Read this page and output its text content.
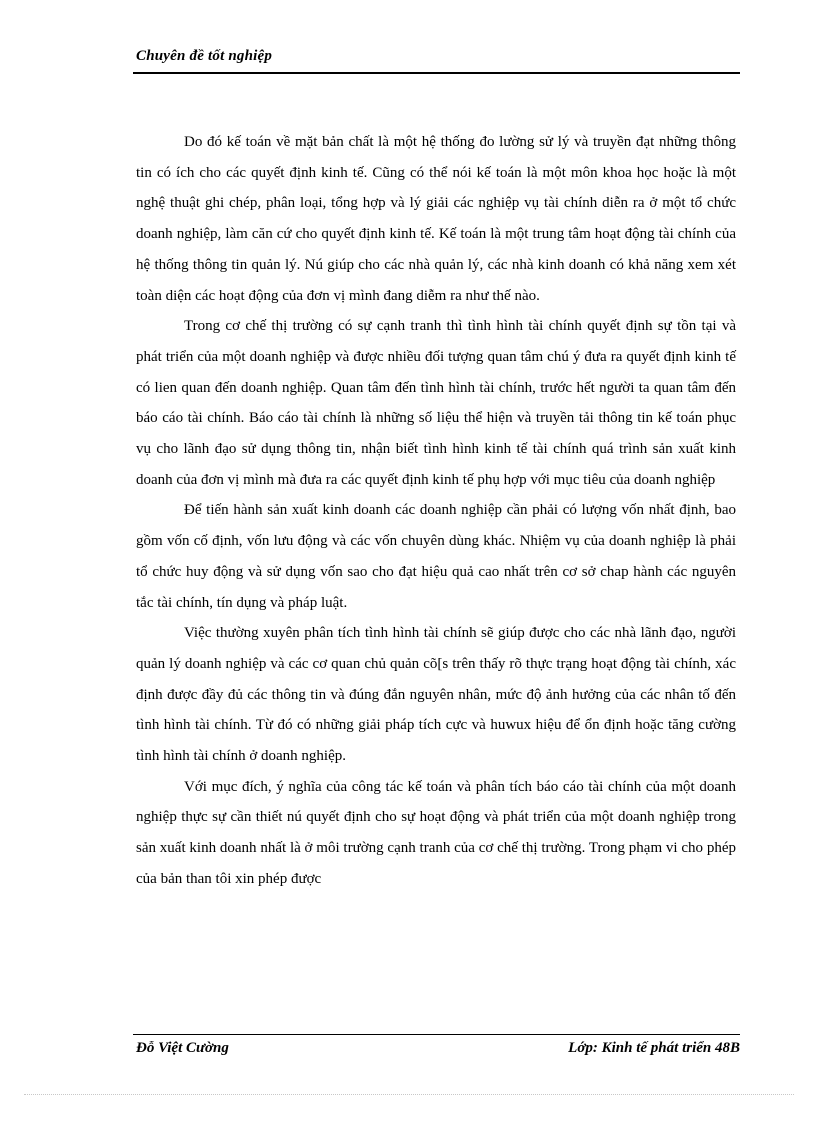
Chuyên đề tốt nghiệp

Do đó kế toán về mặt bản chất là một hệ thống đo lường sử lý và truyền đạt những thông tin có ích cho các quyết định kinh tế. Cũng có thể nói kế toán là một môn khoa học hoặc là một nghệ thuật ghi chép, phân loại, tổng hợp và lý giải các nghiệp vụ tài chính diễn ra ở một tổ chức doanh nghiệp, làm căn cứ cho quyết định kinh tế. Kế toán là một trung tâm hoạt động tài chính của hệ thống thông tin quản lý. Nú giúp cho các nhà quản lý, các nhà kinh doanh có khả năng xem xét toàn diện các hoạt động của đơn vị mình đang diễm ra như thế nào.

Trong cơ chế thị trường có sự cạnh tranh thì tình hình tài chính quyết định sự tồn tại và phát triển của một doanh nghiệp và được nhiều đối tượng quan tâm chú ý đưa ra quyết định kinh tế có lien quan đến doanh nghiệp. Quan tâm đến tình hình tài chính, trước hết người ta quan tâm đến báo cáo tài chính. Báo cáo tài chính là những số liệu thể hiện và truyền tải thông tin kế toán phục vụ cho lãnh đạo sử dụng thông tin, nhận biết tình hình kinh tế tài chính quá trình sản xuất kinh doanh của đơn vị mình mà đưa ra các quyết định kinh tế phụ hợp với mục tiêu của doanh nghiệp

Để tiến hành sản xuất kinh doanh các doanh nghiệp cần phải có lượng vốn nhất định, bao gồm vốn cố định, vốn lưu động và các vốn chuyên dùng khác. Nhiệm vụ của doanh nghiệp là phải tổ chức huy động và sử dụng vốn sao cho đạt hiệu quả cao nhất trên cơ sở chap hành các nguyên tắc tài chính, tín dụng và pháp luật.

Việc thường xuyên phân tích tình hình tài chính sẽ giúp được cho các nhà lãnh đạo, người quản lý doanh nghiệp và các cơ quan chủ quản cõ[s trên thấy rõ thực trạng hoạt động tài chính, xác định được đầy đủ các thông tin và đúng đắn nguyên nhân, mức độ ảnh hưởng của các nhân tố đến tình hình tài chính. Từ đó có những giải pháp tích cực và huwux hiệu để ổn định hoặc tăng cường tình hình tài chính ở doanh nghiệp.

Với mục đích, ý nghĩa của công tác kế toán và phân tích báo cáo tài chính của một doanh nghiệp thực sự cần thiết nú quyết định cho sự hoạt động và phát triển của một doanh nghiệp trong sản xuất kinh doanh nhất là ở môi trường cạnh tranh của cơ chế thị trường. Trong phạm vi cho phép của bản than tôi xin phép được

Đỗ Việt Cường	Lớp: Kinh tế phát triển 48B
